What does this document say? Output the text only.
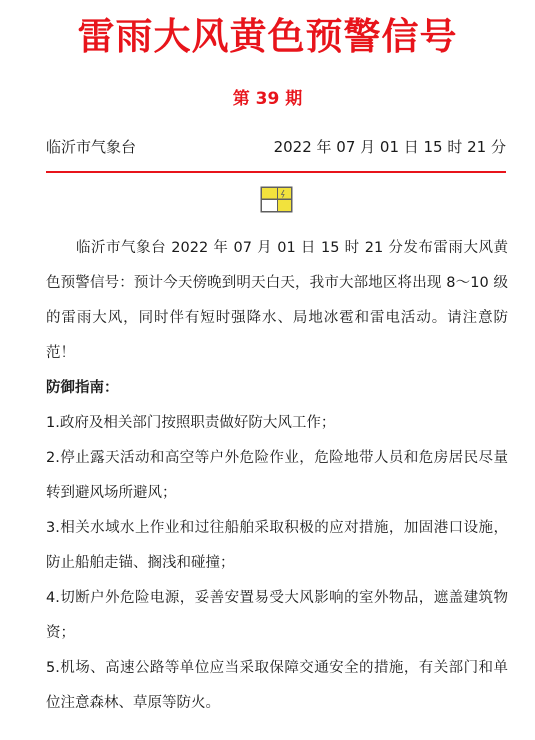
雷雨大风黄色预警信号
第 39 期
临沂市气象台	2022 年 07 月 01 日 15 时 21 分
临沂市气象台 2022 年 07 月 01 日 15 时 21 分发布雷雨大风黄色预警信号：预计今天傍晚到明天白天，我市大部地区将出现 8～10 级的雷雨大风，同时伴有短时强降水、局地冰雹和雷电活动。请注意防范！
防御指南：
1.政府及相关部门按照职责做好防大风工作；
2.停止露天活动和高空等户外危险作业，危险地带人员和危房居民尽量转到避风场所避风；
3.相关水域水上作业和过往船舶采取积极的应对措施，加固港口设施，防止船舶走锚、搁浅和碰撞；
4.切断户外危险电源，妥善安置易受大风影响的室外物品，遮盖建筑物资；
5.机场、高速公路等单位应当采取保障交通安全的措施，有关部门和单位注意森林、草原等防火。
